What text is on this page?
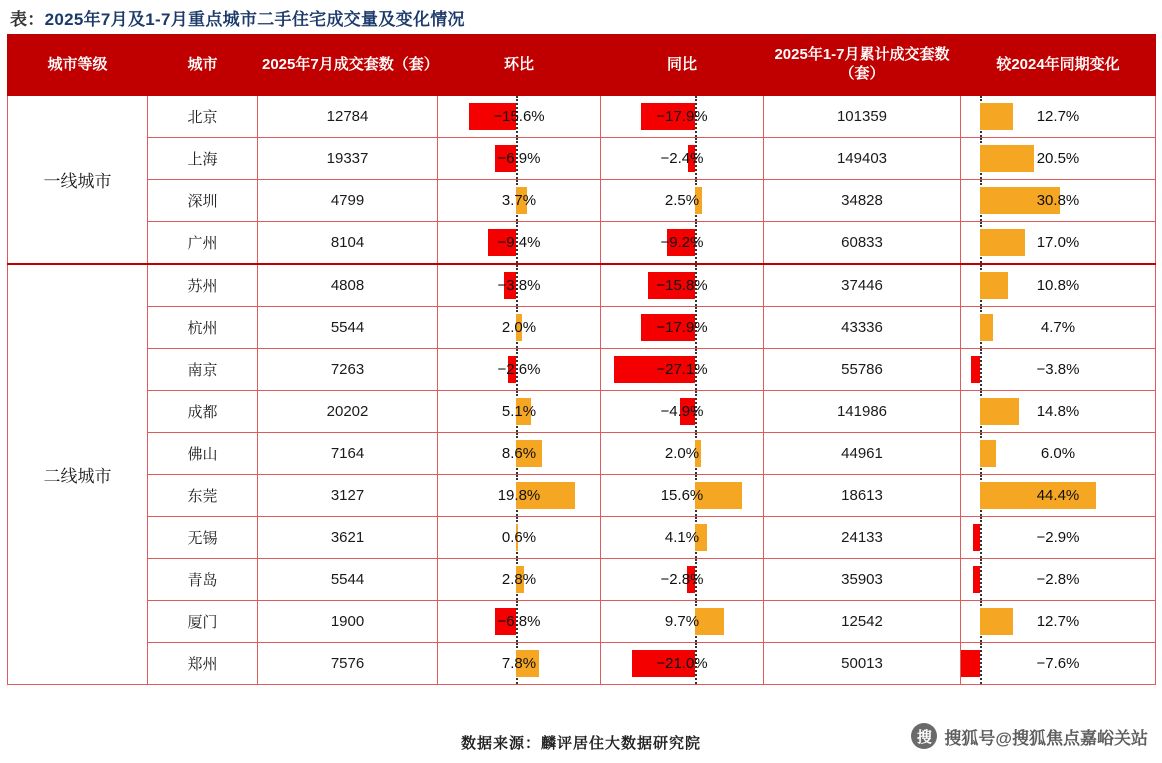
表： 2025年7月及1-7月重点城市二手住宅成交量及变化情况
城市等级	城市	2025年7月成交套数（套）	环比	同比	2025年1-7月累计成交套数（套）	较2024年同期变化
一线城市	北京	12784	−15.6%	−17.9%	101359	12.7%

	上海	19337	−6.9%	−2.4%	149403	20.5%

	深圳	4799	3.7%	2.5%	34828	30.8%

	广州	8104	−9.4%	−9.2%	60833	17.0%

二线城市	苏州	4808	−3.8%	−15.8%	37446	10.8%

	杭州	5544	2.0%	−17.9%	43336	4.7%

	南京	7263	−2.6%	−27.1%	55786	−3.8%

	成都	20202	5.1%	−4.9%	141986	14.8%

	佛山	7164	8.6%	2.0%	44961	6.0%

	东莞	3127	19.8%	15.6%	18613	44.4%

	无锡	3621	0.6%	4.1%	24133	−2.9%

	青岛	5544	2.8%	−2.8%	35903	−2.8%

	厦门	1900	−6.8%	9.7%	12542	12.7%

	郑州	7576	7.8%	−21.0%	50013	−7.6%
数据来源：麟评居住大数据研究院	搜 搜狐号@搜狐焦点嘉峪关站
